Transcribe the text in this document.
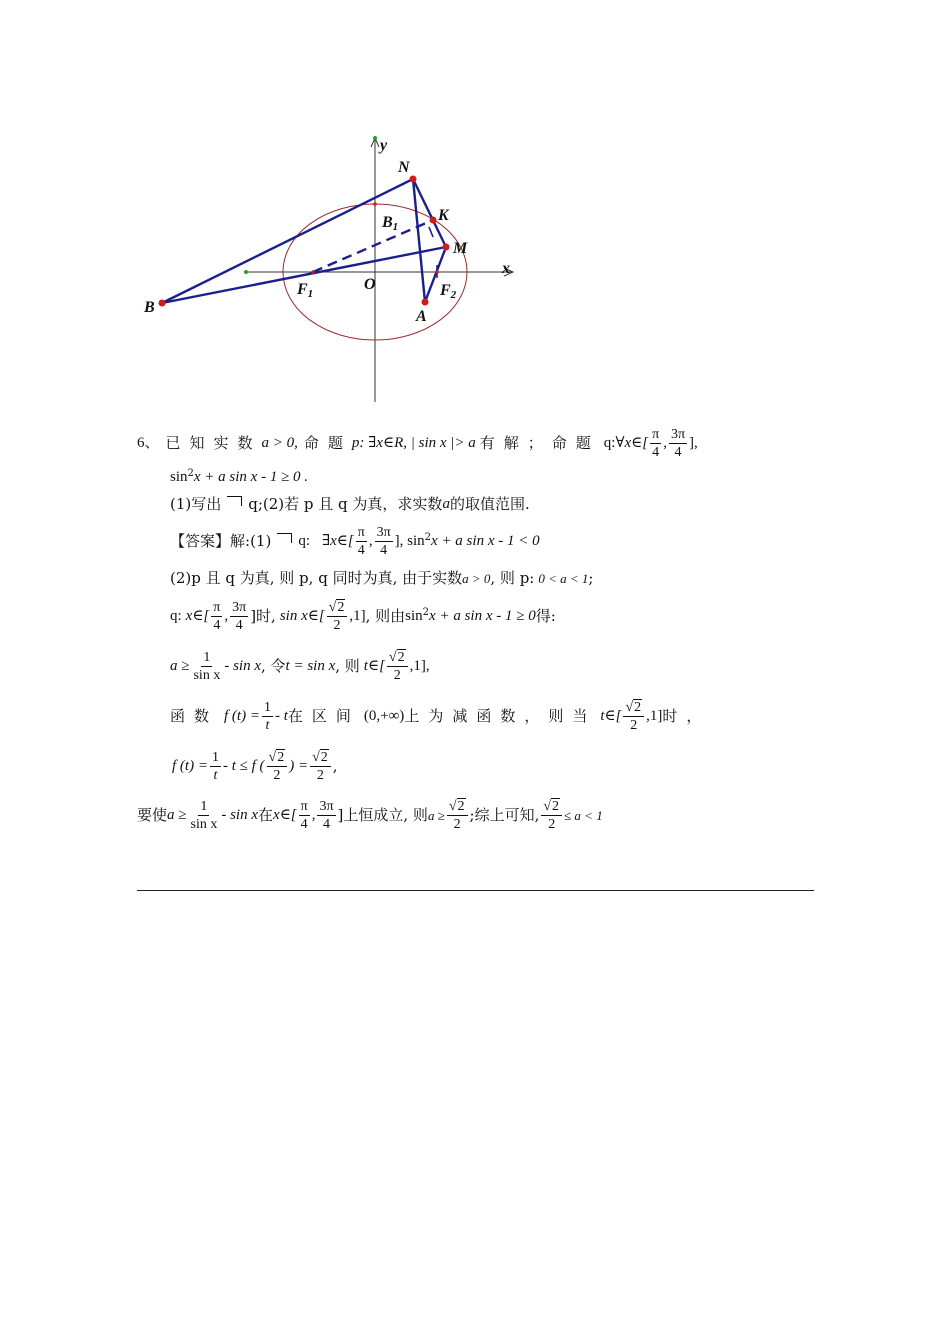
y
x
N
K
B1
M
F1
O	F2
A
B
6、 已知实数 a > 0, 命题 p : ∃x∈R, | sin x |> a 有解；命题 q: ∀x∈[ $\frac{\pi}{4}$ , $\frac{3\pi}{4}$ ],
$\sin^2 x + a$ sin x - 1 ≥ 0 .
(1)写出 q; (2)若 p 且 q 为真，求实数 a 的取值范围.
【答案】 解:(1) q: ∃x∈[ $\frac{\pi}{4}$ , $\frac{3\pi}{4}$ ], $\sin^2 x + a$ sin x - 1 < 0
(2)p 且 q 为真, 则 p, q 同时为真, 由于实数 a > 0 , 则 p: 0 < a < 1 ;
q: x∈[ $\frac{\pi}{4}$ , $\frac{3\pi}{4}$ ]时, sin x∈[ $\frac{√2}{2} ,1$] , 则由 $\sin^2 x + a$ sin x - 1 ≥ 0 得:
$a \ge \frac{1}{\text{sin x}} - \sin x$ , 令 t = sin x , 则 t∈[ $\frac{√2}{2} ,1$],
函数 f $(t) = \frac{1}{t} - t$ 在区间 (0,+∞) 上为减函数，则当 t∈[ $\frac{√2}{2} ,1$] 时，
f $(t) = \frac{1}{t} - t \le f$ ( $\frac{√2}{2}$ ) = $\frac{√2}{2}$ ,
要使 $a \ge \frac{1}{\text{sin x}} - \sin x$ 在 x∈[ $\frac{\pi}{4}$ , $\frac{3\pi}{4}$ ]上恒成立, 则 $a \ge \frac{√2}{2}$ ;综上可知, $\frac{√2}{2} \le a < 1$
